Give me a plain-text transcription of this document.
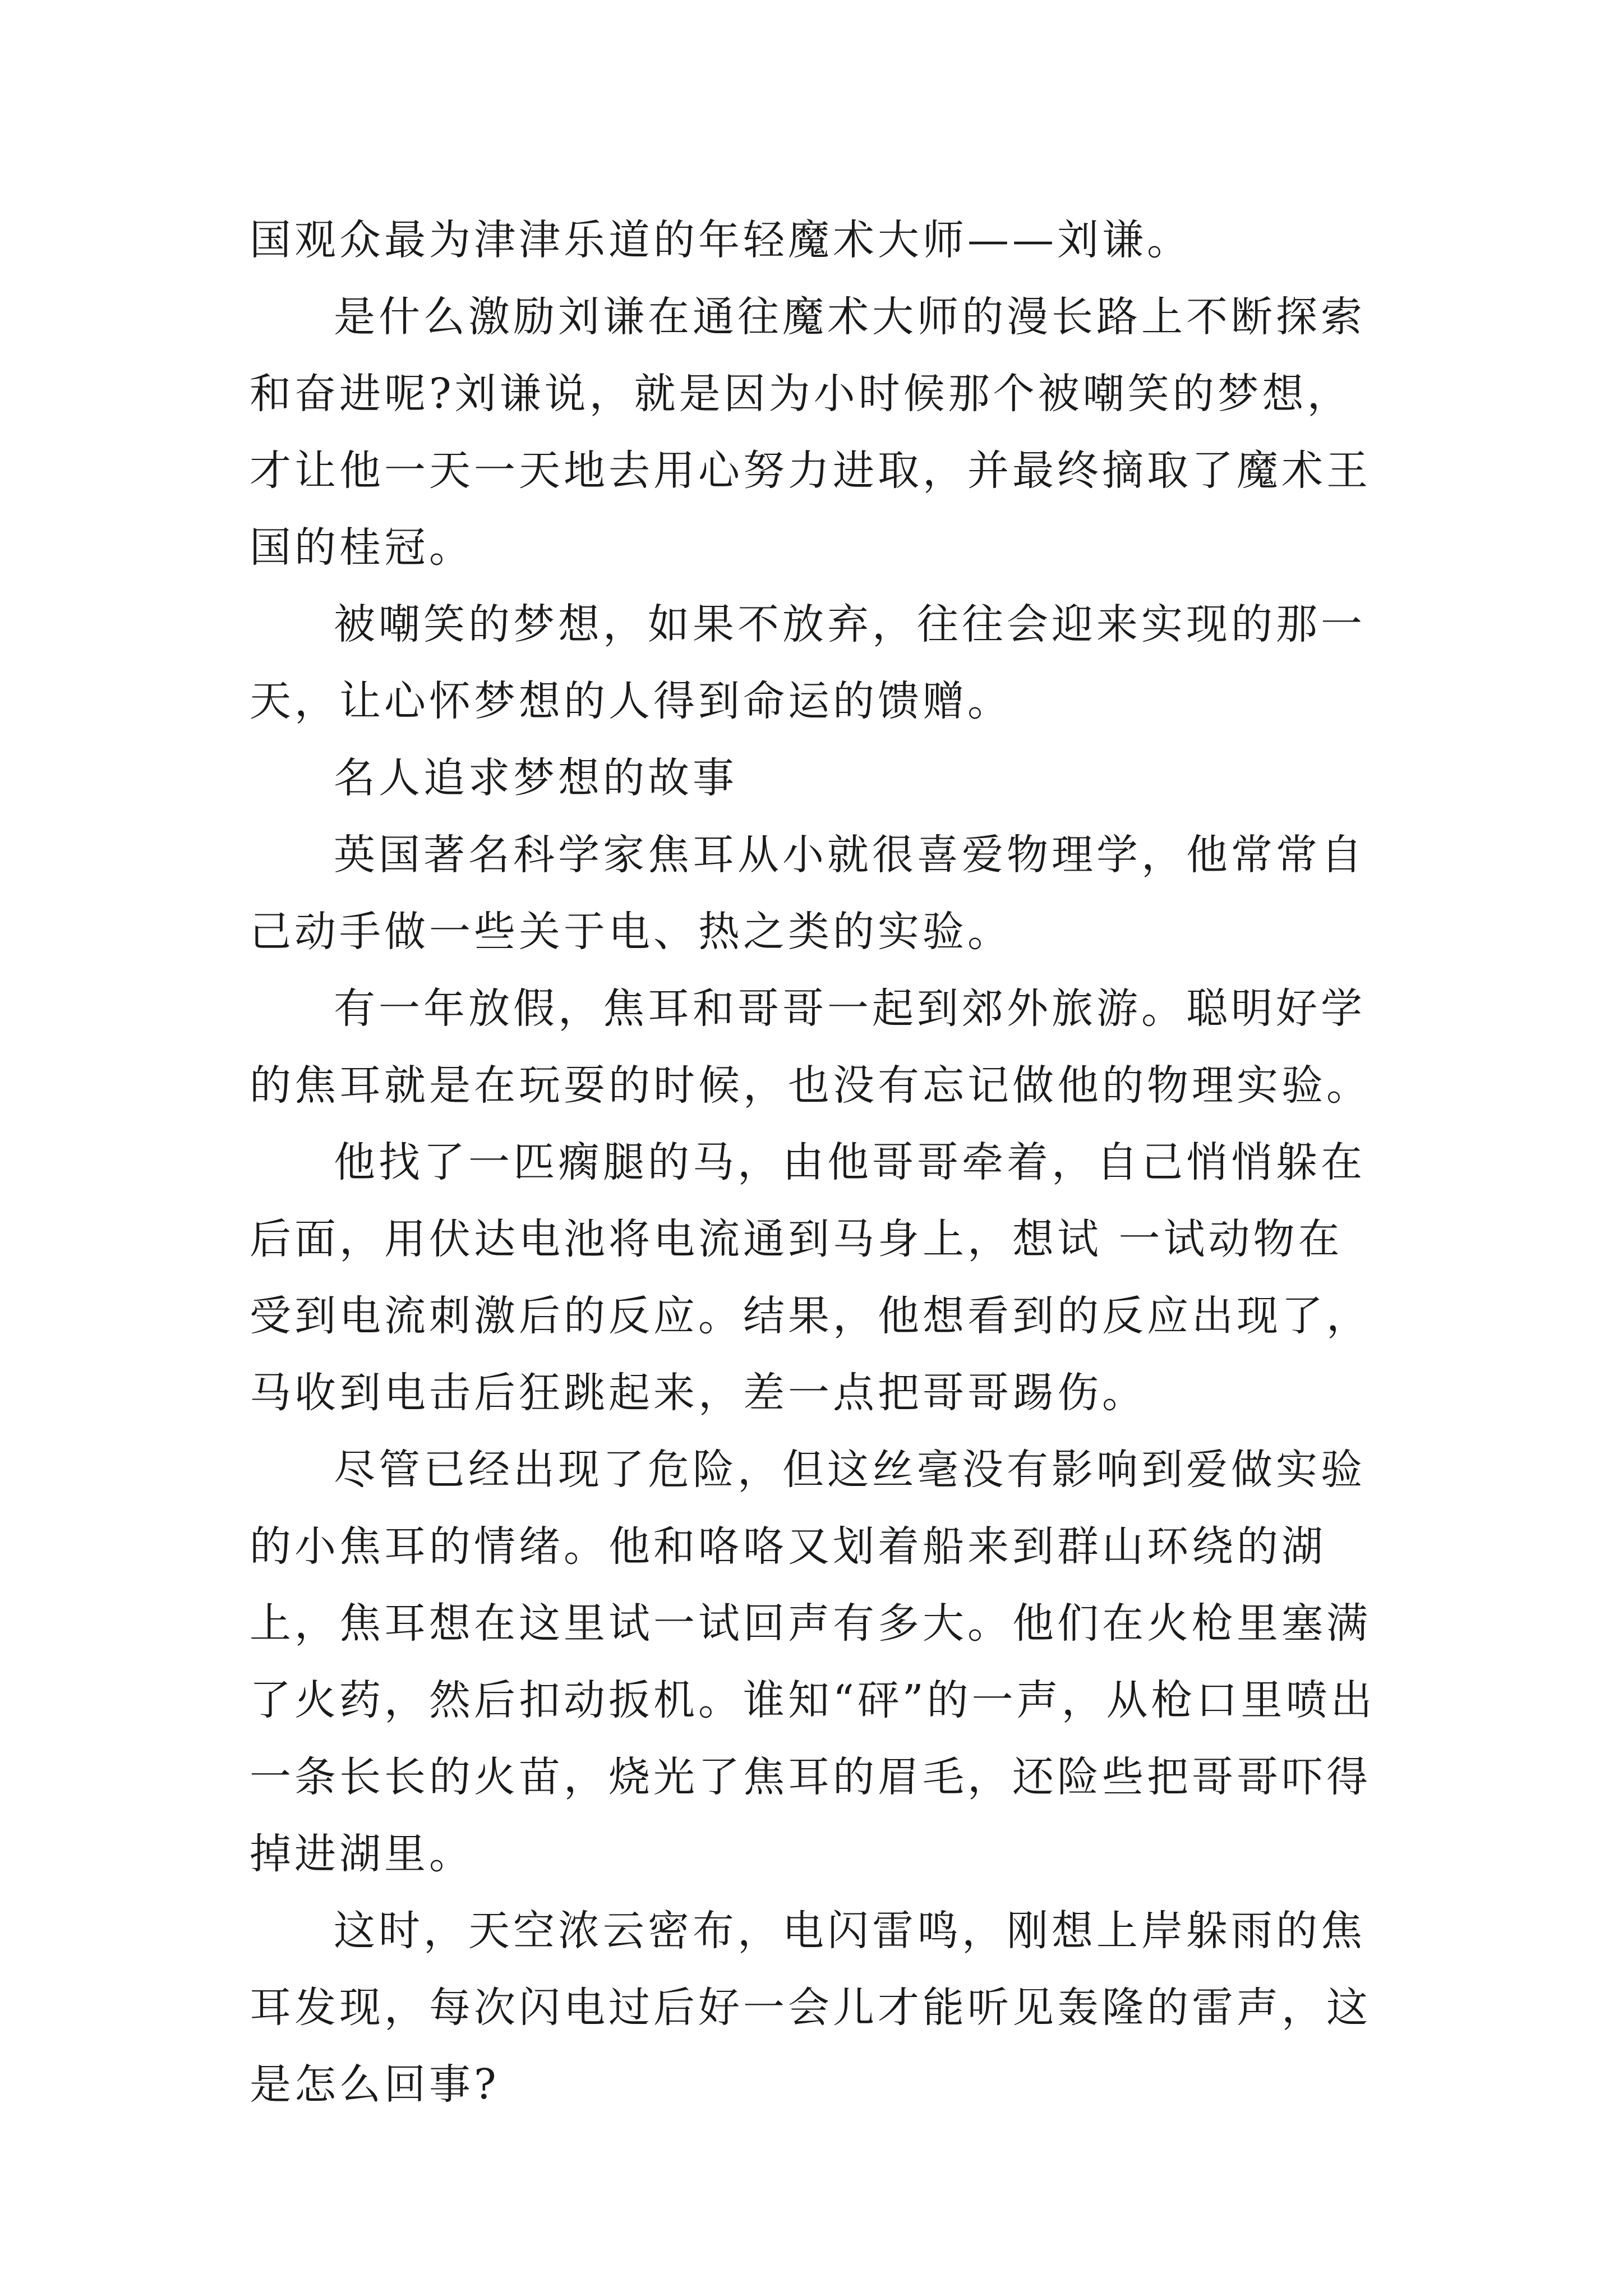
国观众最为津津乐道的年轻魔术大师——刘谦。

是什么激励刘谦在通往魔术大师的漫长路上不断探索和奋进呢?刘谦说，就是因为小时候那个被嘲笑的梦想，才让他一天一天地去用心努力进取，并最终摘取了魔术王国的桂冠。

被嘲笑的梦想，如果不放弃，往往会迎来实现的那一天，让心怀梦想的人得到命运的馈赠。

名人追求梦想的故事

英国著名科学家焦耳从小就很喜爱物理学，他常常自己动手做一些关于电、热之类的实验。

有一年放假，焦耳和哥哥一起到郊外旅游。聪明好学的焦耳就是在玩耍的时候，也没有忘记做他的物理实验。

他找了一匹瘸腿的马，由他哥哥牵着，自己悄悄躲在后面，用伏达电池将电流通到马身上，想试 一试动物在受到电流刺激后的反应。结果，他想看到的反应出现了，马收到电击后狂跳起来，差一点把哥哥踢伤。

尽管已经出现了危险，但这丝毫没有影响到爱做实验的小焦耳的情绪。他和咯咯又划着船来到群山环绕的湖上，焦耳想在这里试一试回声有多大。他们在火枪里塞满了火药，然后扣动扳机。谁知“砰”的一声，从枪口里喷出一条长长的火苗，烧光了焦耳的眉毛，还险些把哥哥吓得掉进湖里。

这时，天空浓云密布，电闪雷鸣，刚想上岸躲雨的焦耳发现，每次闪电过后好一会儿才能听见轰隆的雷声，这是怎么回事?
